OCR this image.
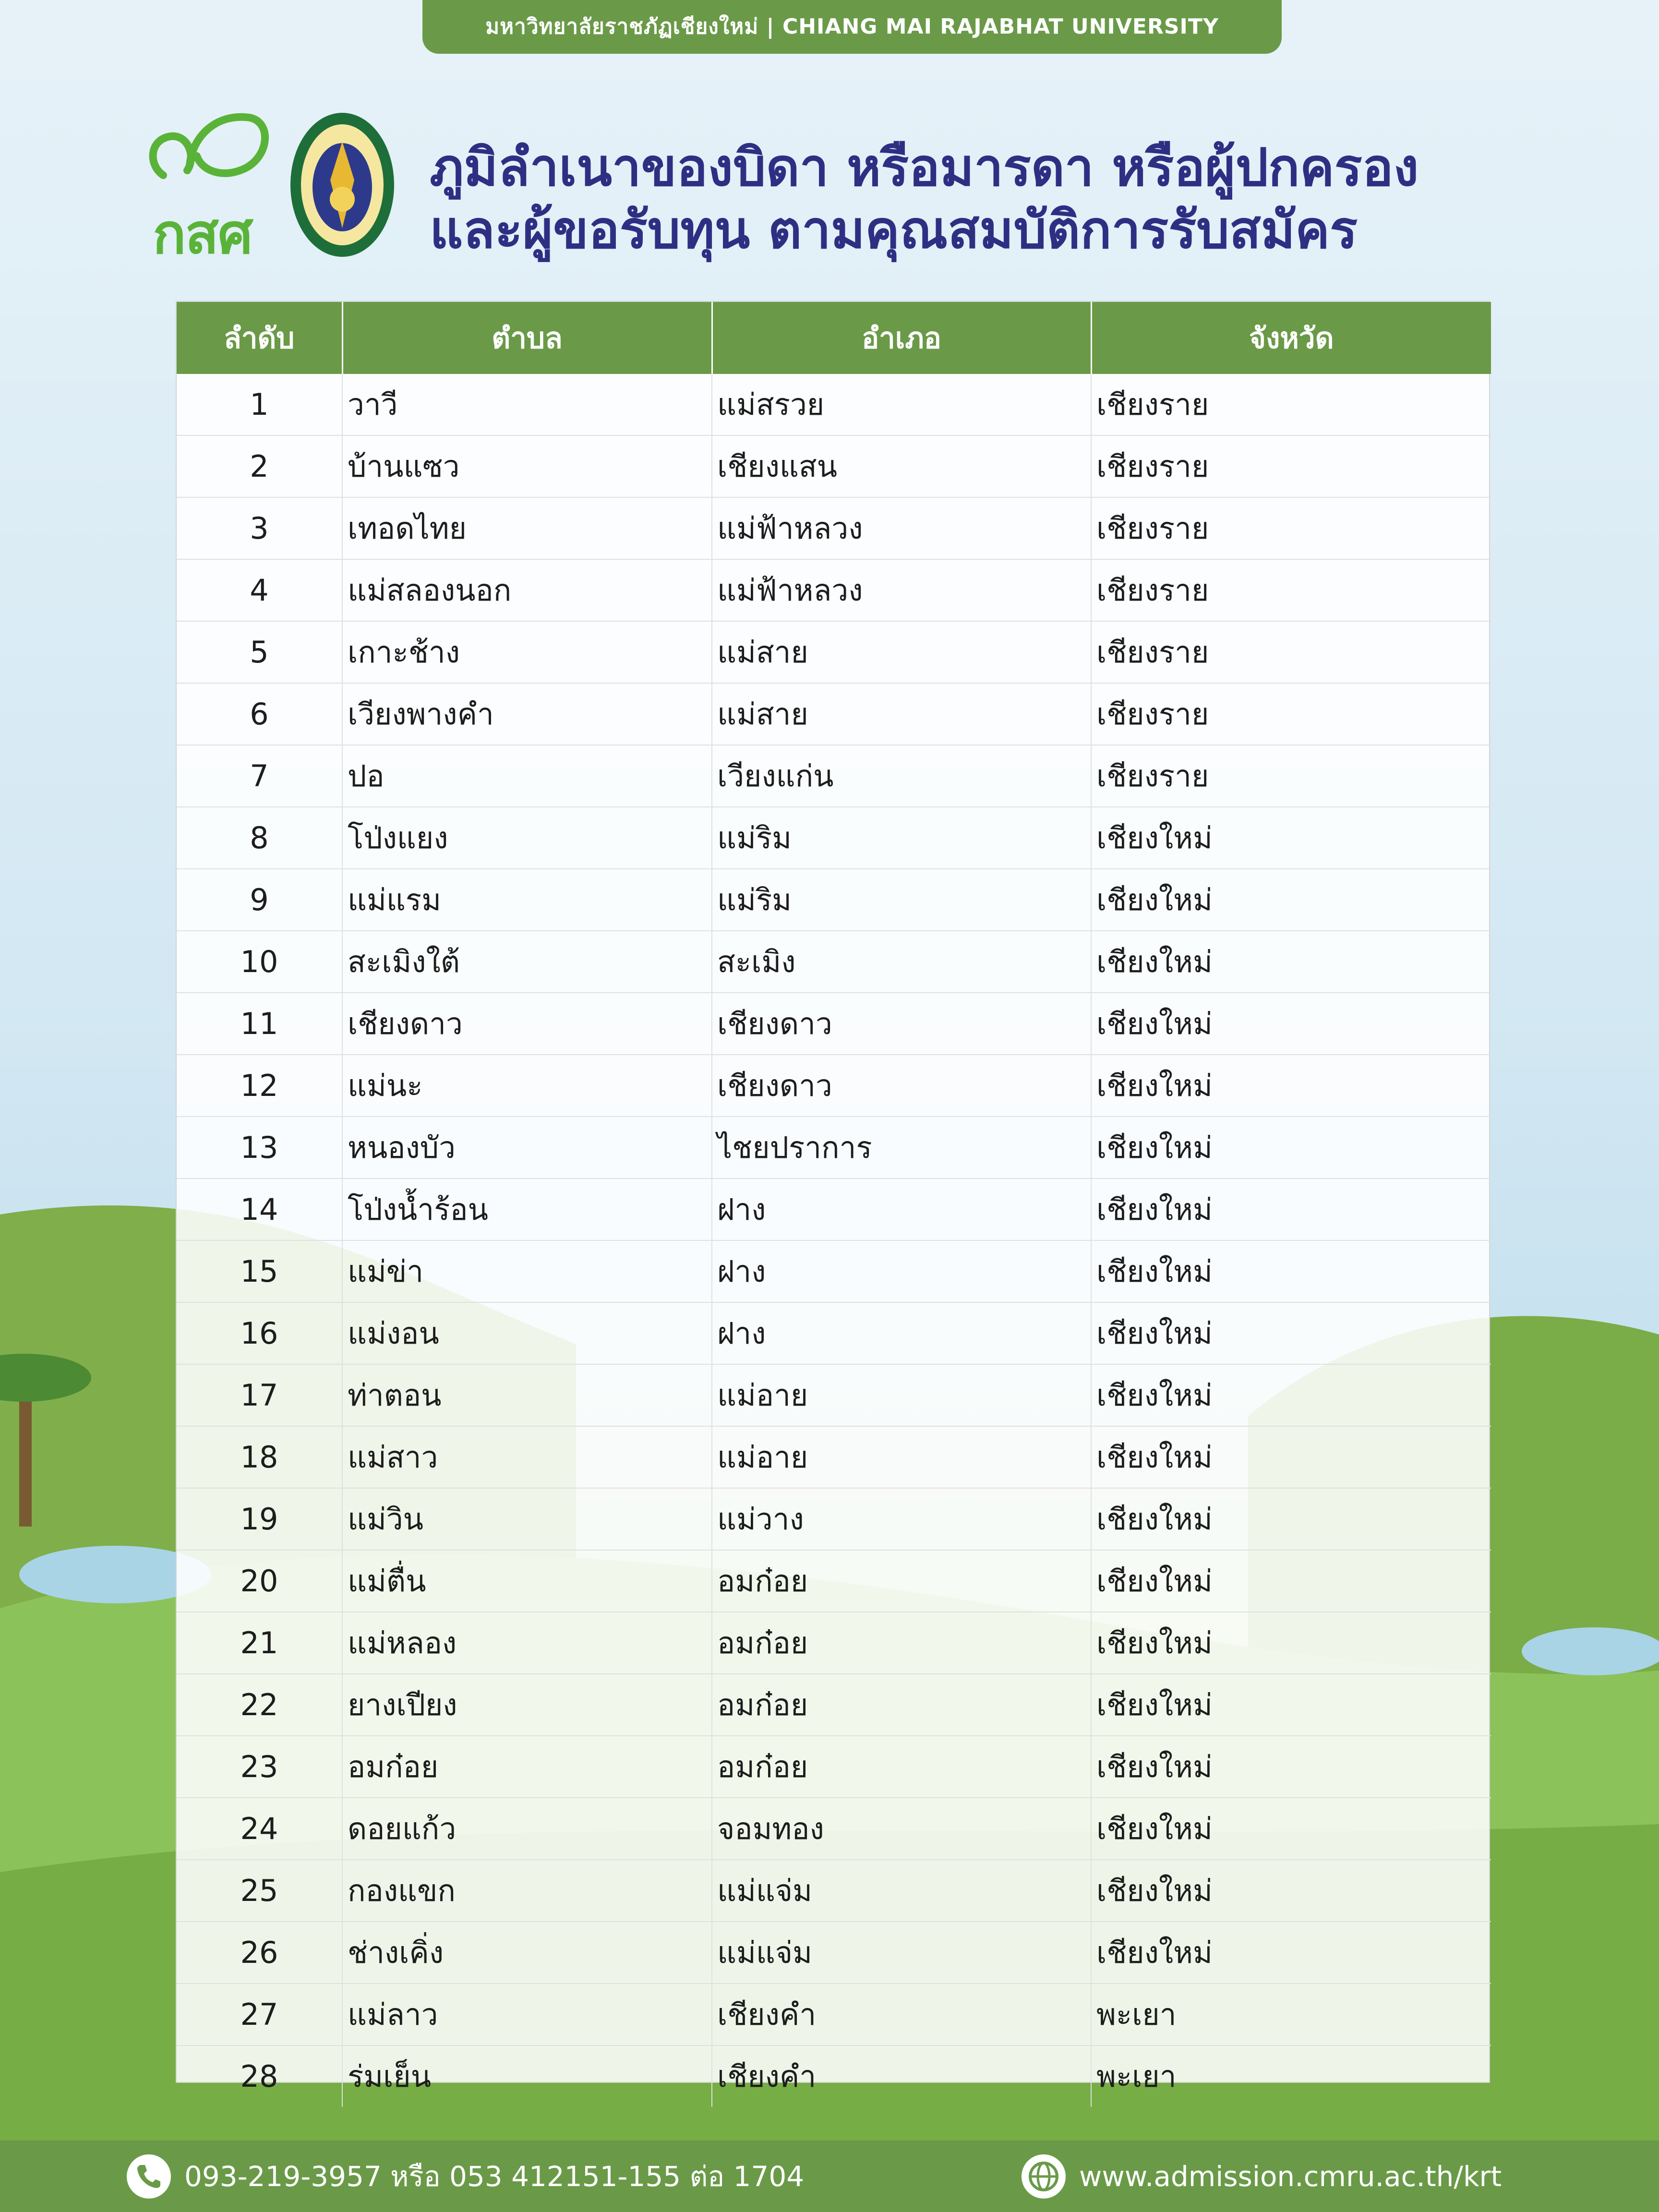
มหาวิทยาลัยราชภัฏเชียงใหม่ | CHIANG MAI RAJABHAT UNIVERSITY
กสศ
ภูมิลำเนาของบิดา หรือมารดา หรือผู้ปกครอง
และผู้ขอรับทุน ตามคุณสมบัติการรับสมัคร
ลำดับ	ตำบล	อำเภอ	จังหวัด
1	วาวี	แม่สรวย	เชียงราย
2	บ้านแซว	เชียงแสน	เชียงราย
3	เทอดไทย	แม่ฟ้าหลวง	เชียงราย
4	แม่สลองนอก	แม่ฟ้าหลวง	เชียงราย
5	เกาะช้าง	แม่สาย	เชียงราย
6	เวียงพางคำ	แม่สาย	เชียงราย
7	ปอ	เวียงแก่น	เชียงราย
8	โป่งแยง	แม่ริม	เชียงใหม่
9	แม่แรม	แม่ริม	เชียงใหม่
10	สะเมิงใต้	สะเมิง	เชียงใหม่
11	เชียงดาว	เชียงดาว	เชียงใหม่
12	แม่นะ	เชียงดาว	เชียงใหม่
13	หนองบัว	ไชยปราการ	เชียงใหม่
14	โป่งน้ำร้อน	ฝาง	เชียงใหม่
15	แม่ข่า	ฝาง	เชียงใหม่
16	แม่งอน	ฝาง	เชียงใหม่
17	ท่าตอน	แม่อาย	เชียงใหม่
18	แม่สาว	แม่อาย	เชียงใหม่
19	แม่วิน	แม่วาง	เชียงใหม่
20	แม่ตื่น	อมก๋อย	เชียงใหม่
21	แม่หลอง	อมก๋อย	เชียงใหม่
22	ยางเปียง	อมก๋อย	เชียงใหม่
23	อมก๋อย	อมก๋อย	เชียงใหม่
24	ดอยแก้ว	จอมทอง	เชียงใหม่
25	กองแขก	แม่แจ่ม	เชียงใหม่
26	ช่างเคิ่ง	แม่แจ่ม	เชียงใหม่
27	แม่ลาว	เชียงคำ	พะเยา
28	ร่มเย็น	เชียงคำ	พะเยา
093-219-3957 หรือ 053 412151-155 ต่อ 1704	www.admission.cmru.ac.th/krt
